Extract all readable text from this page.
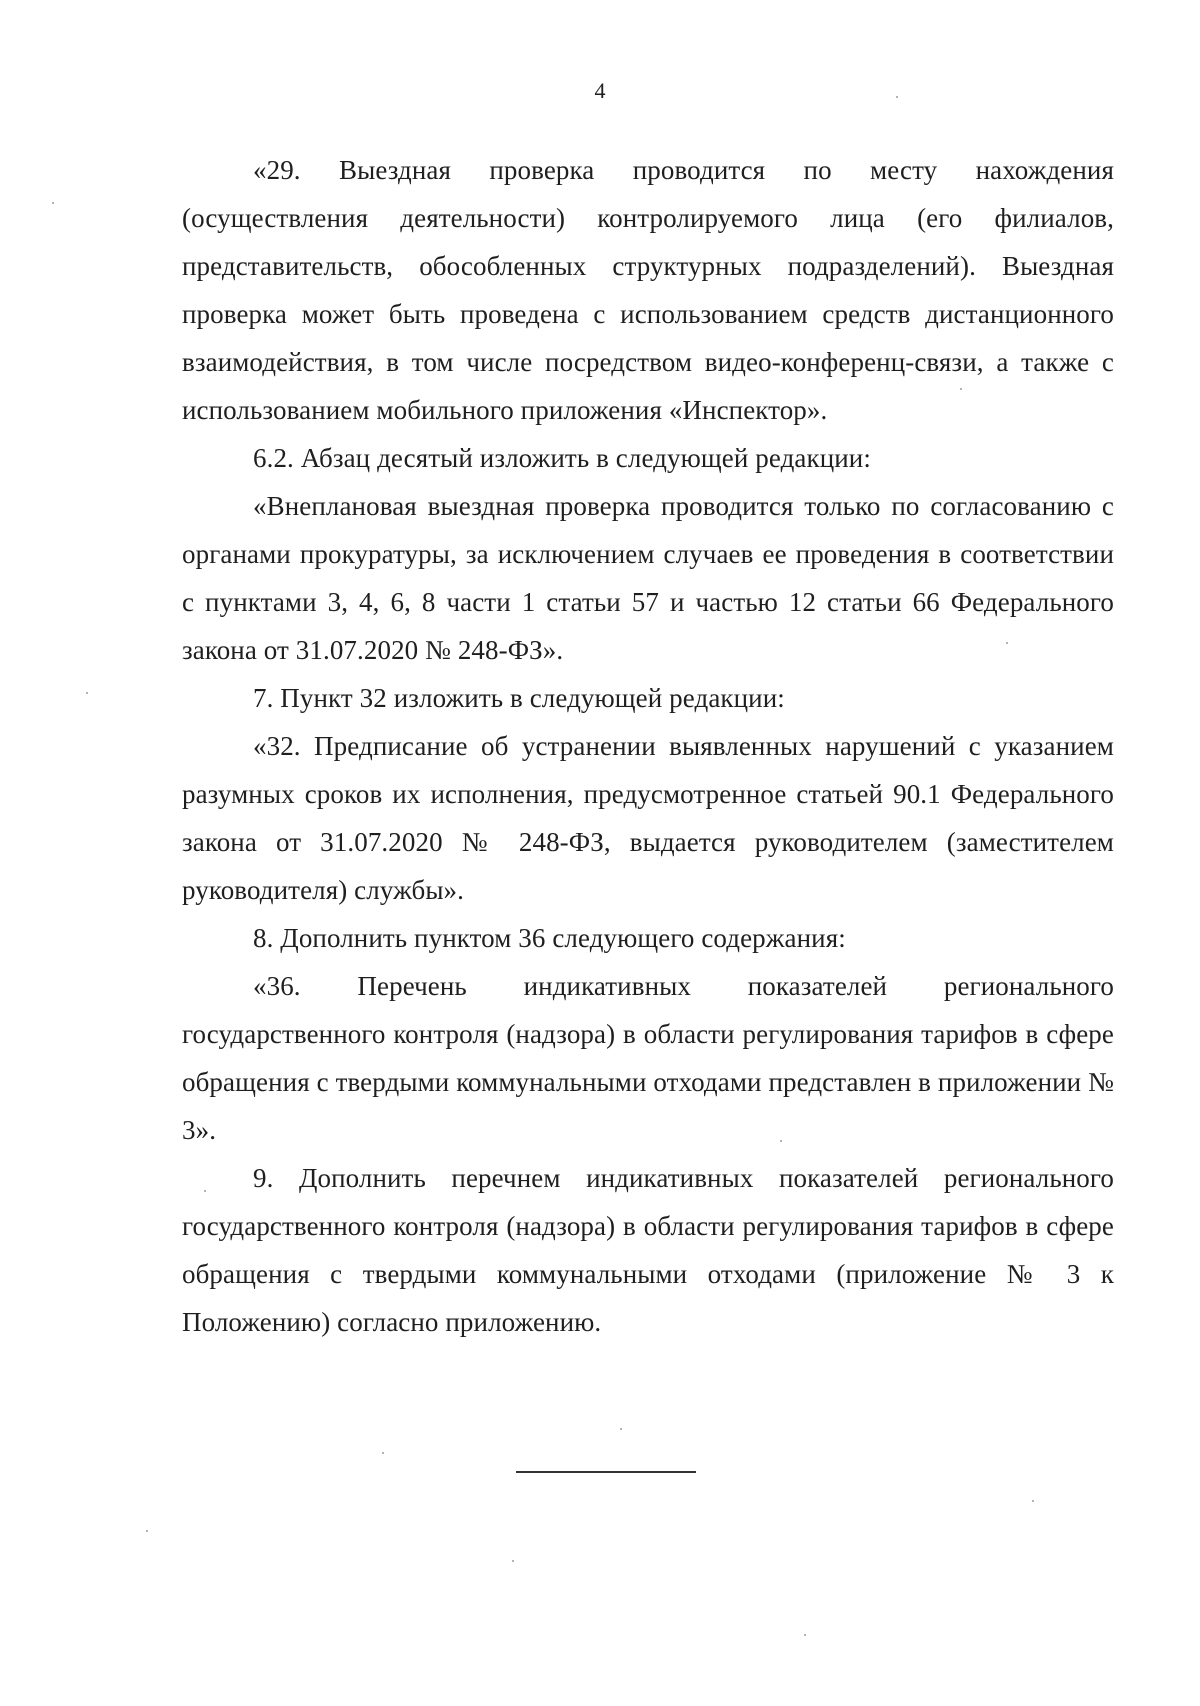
4

«29. Выездная проверка проводится по месту нахождения (осуществления деятельности) контролируемого лица (его филиалов, представительств, обособленных структурных подразделений). Выездная проверка может быть проведена с использованием средств дистанционного взаимодействия, в том числе посредством видео-конференц-связи, а также с использованием мобильного приложения «Инспектор».

6.2. Абзац десятый изложить в следующей редакции:

«Внеплановая выездная проверка проводится только по согласованию с органами прокуратуры, за исключением случаев ее проведения в соответствии с пунктами 3, 4, 6, 8 части 1 статьи 57 и частью 12 статьи 66 Федерального закона от 31.07.2020 № 248-ФЗ».

7. Пункт 32 изложить в следующей редакции:

«32. Предписание об устранении выявленных нарушений с указанием разумных сроков их исполнения, предусмотренное статьей 90.1 Федерального закона от 31.07.2020 № 248-ФЗ, выдается руководителем (заместителем руководителя) службы».

8. Дополнить пунктом 36 следующего содержания:

«36. Перечень индикативных показателей регионального государственного контроля (надзора) в области регулирования тарифов в сфере обращения с твердыми коммунальными отходами представлен в приложении № 3».

9. Дополнить перечнем индикативных показателей регионального государственного контроля (надзора) в области регулирования тарифов в сфере обращения с твердыми коммунальными отходами (приложение № 3 к Положению) согласно приложению.
